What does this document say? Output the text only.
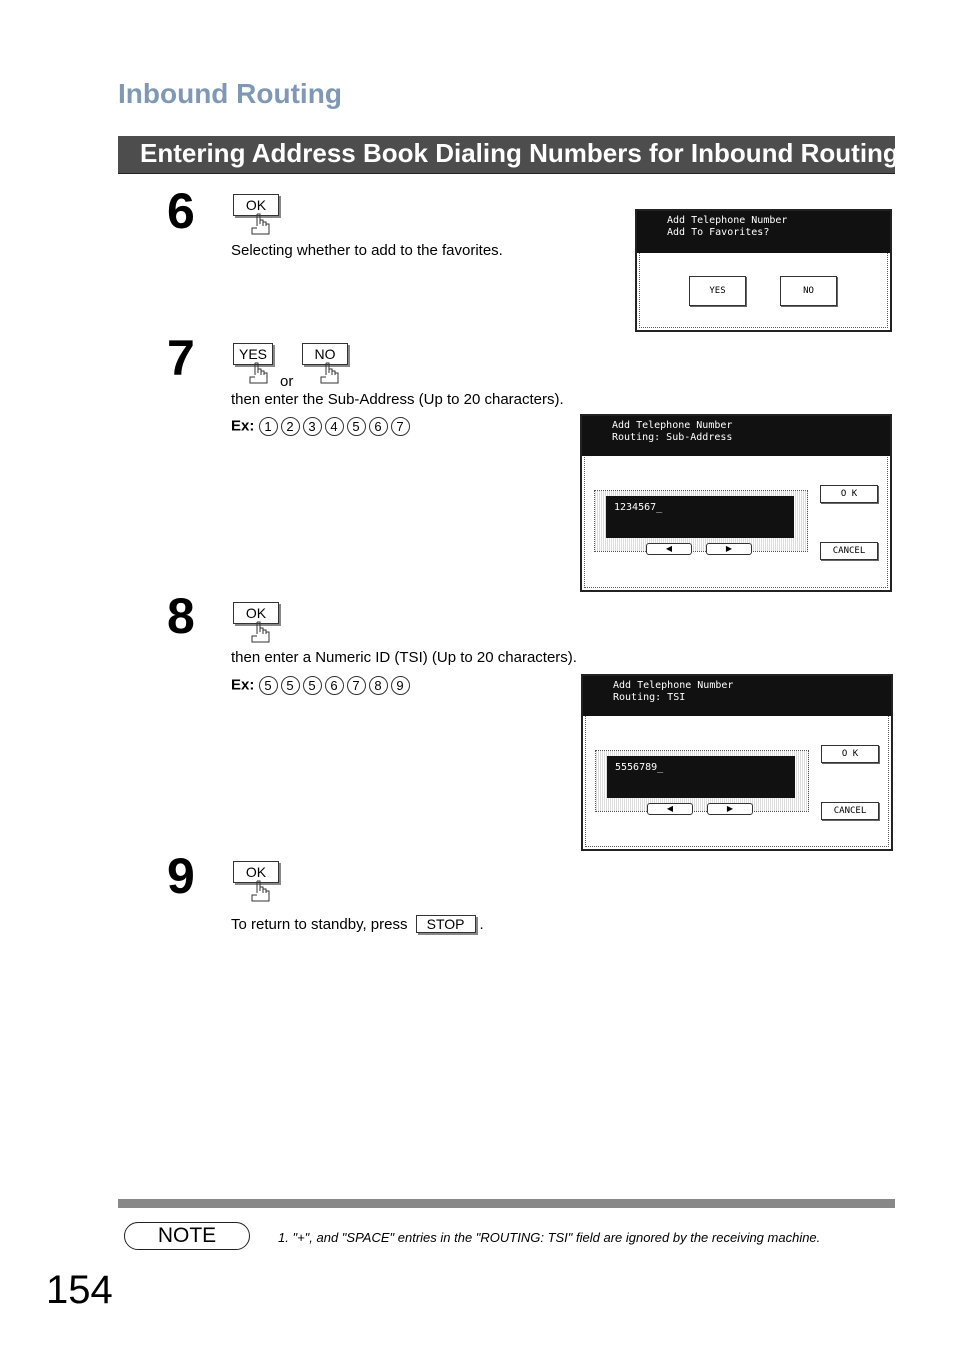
Inbound Routing
Entering Address Book Dialing Numbers for Inbound Routing
6	OK
Selecting whether to add to the favorites.
Add Telephone Number
Add To Favorites?
YES	NO
7	YES
or
NO
then enter the Sub-Address (Up to 20 characters).
Ex: 1 2 3 4 5 6 7	Add Telephone Number
Routing: Sub-Address
1234567_
◀	▶
O K
CANCEL
8	OK
then enter a Numeric ID (TSI) (Up to 20 characters).
Ex: 5 5 5 6 7 8 9	Add Telephone Number
Routing: TSI
5556789_
◀	▶
O K
CANCEL
9	OK
To return to standby, press STOP .
NOTE	1. "+", and "SPACE" entries in the "ROUTING: TSI" field are ignored by the receiving machine.
154
